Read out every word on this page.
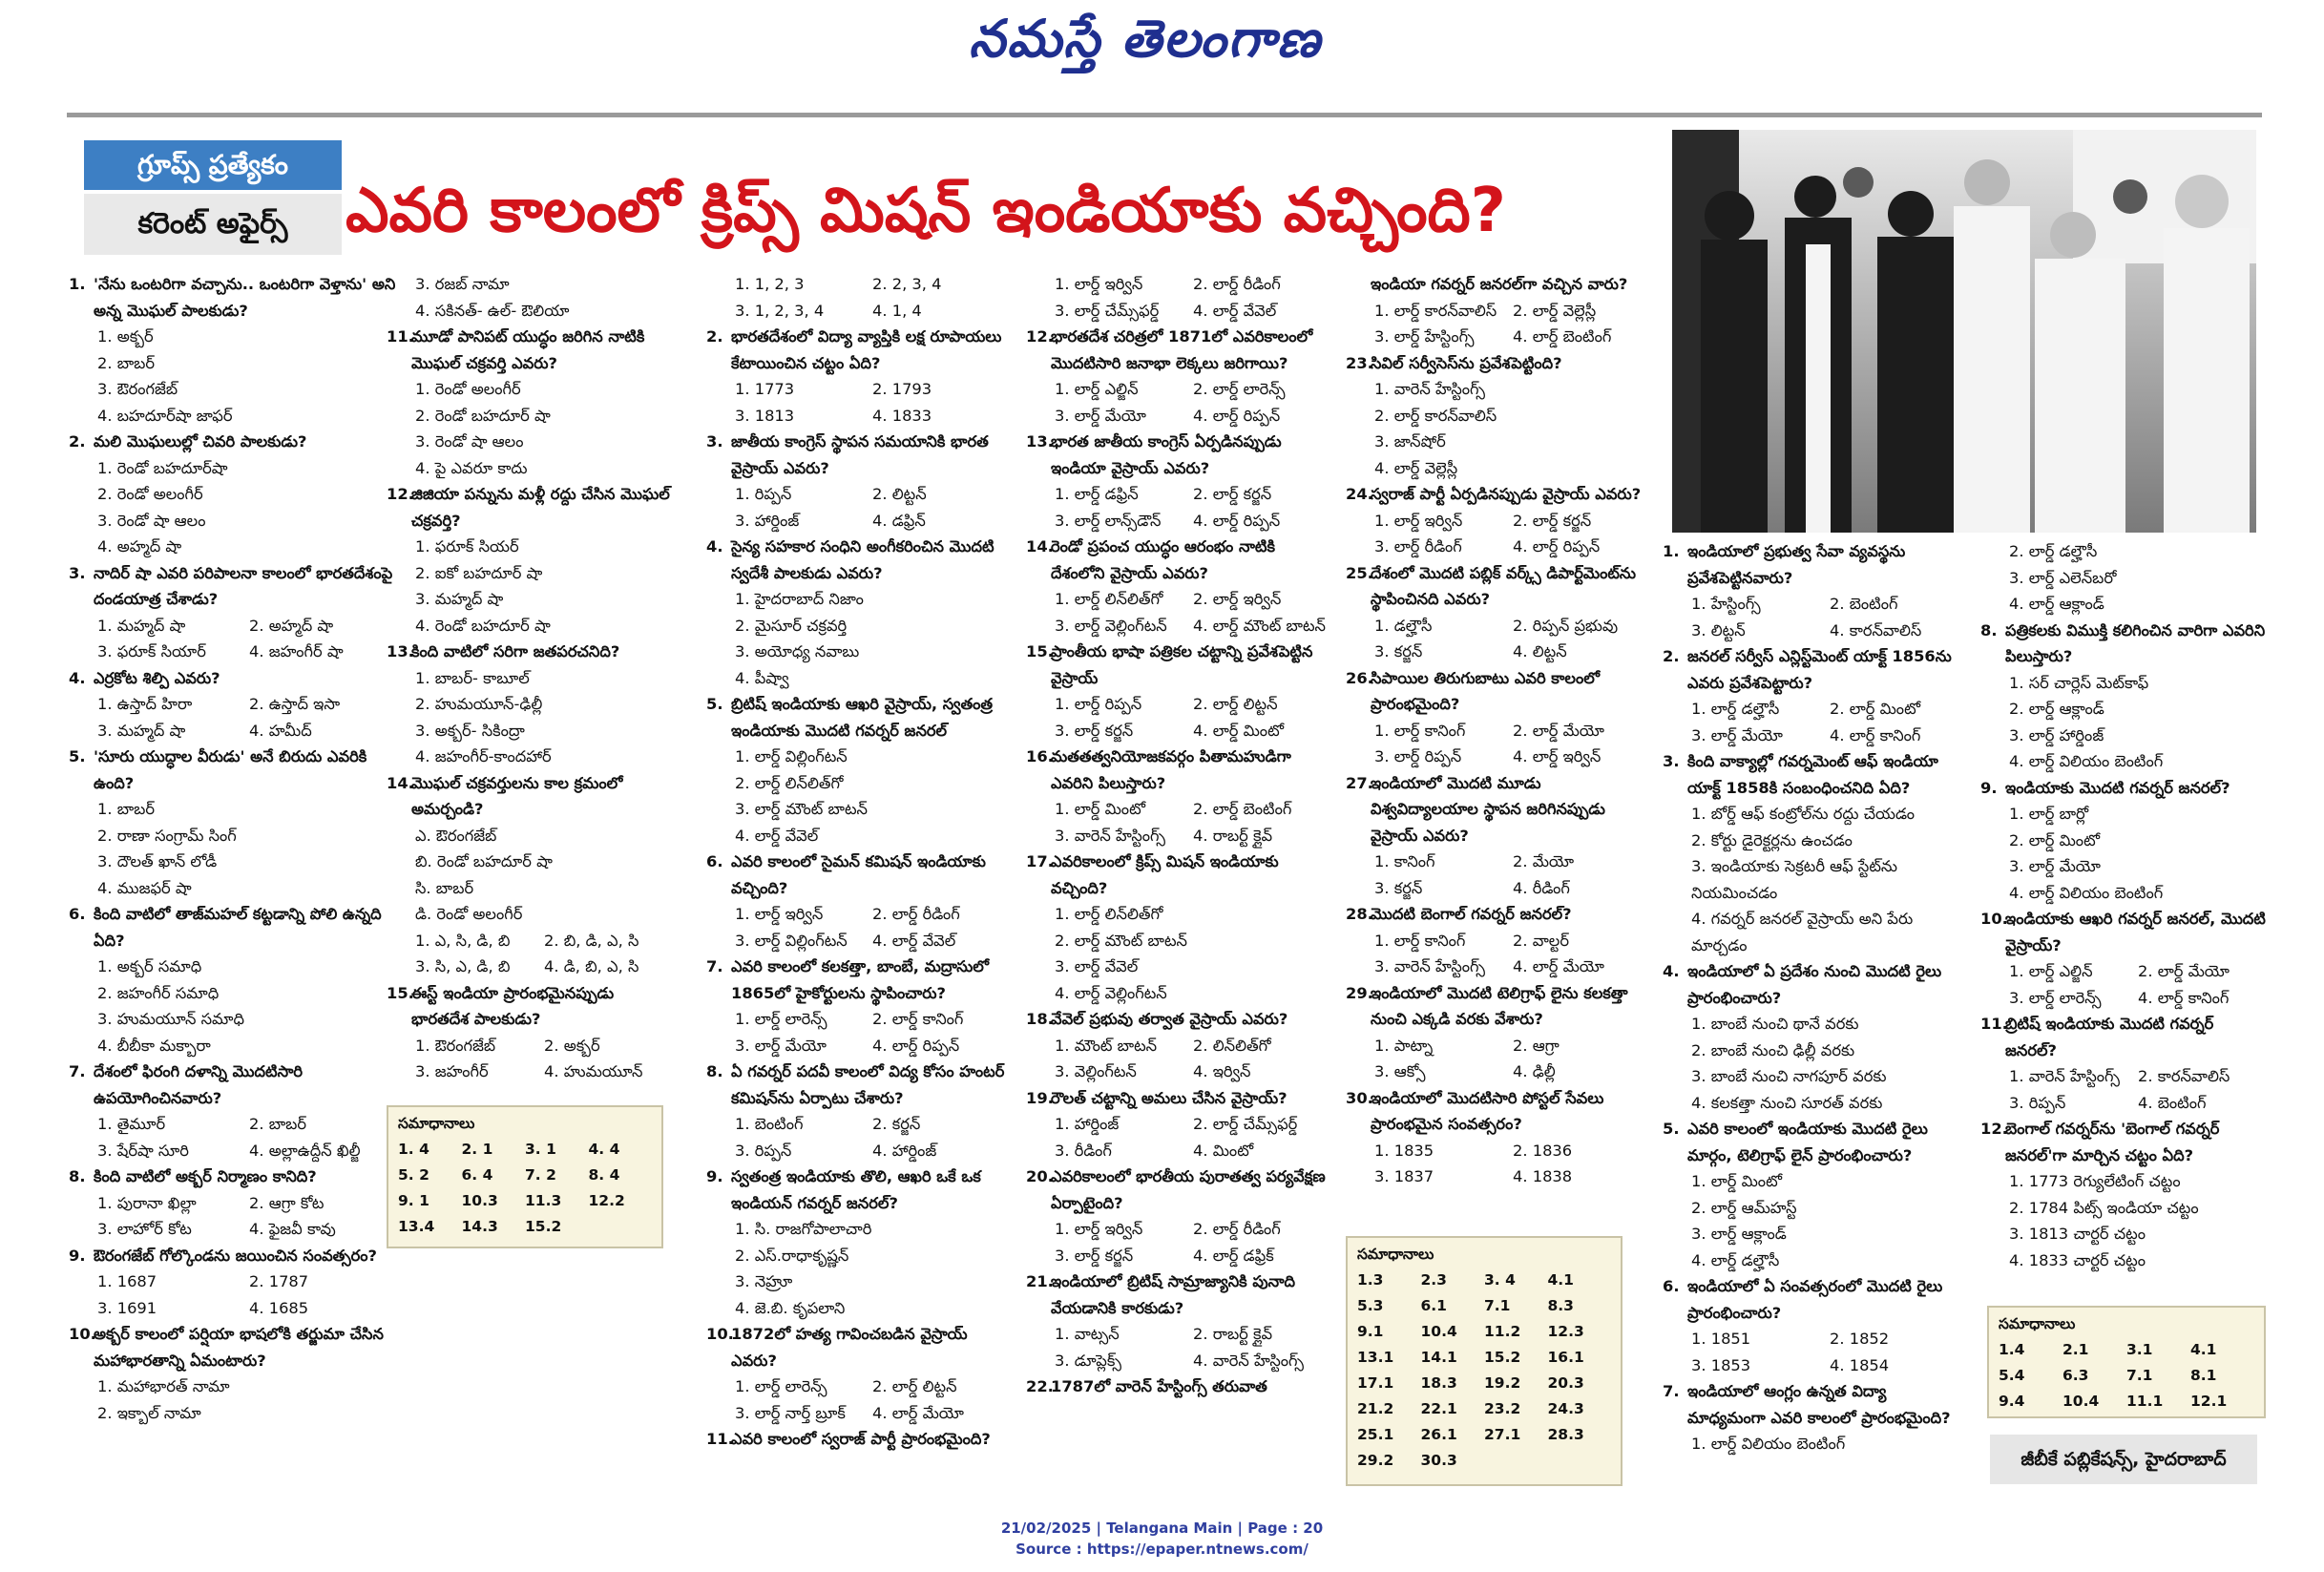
నమస్తే తెలంగాణ
గ్రూప్స్ ప్రత్యేకం
కరెంట్ అఫైర్స్ ఎవరి కాలంలో క్రిప్స్ మిషన్ ఇండియాకు వచ్చింది?
1. 'నేను ఒంటరిగా వచ్చాను.. ఒంటరిగా వెళ్తాను' అని అన్న మొఘల్ పాలకుడు?
1. అక్బర్
2. బాబర్
3. ఔరంగజేబ్
4. బహదూర్‌షా జాఫర్
2. మలి మొఘలుల్లో చివరి పాలకుడు?
1. రెండో బహదూర్‌షా
2. రెండో అలంగీర్
3. రెండో షా ఆలం
4. అహ్మద్ షా
3. నాదిర్ షా ఎవరి పరిపాలనా కాలంలో భారతదేశంపై దండయాత్ర చేశాడు?
1. మహ్మద్ షా	2. అహ్మద్ షా
3. ఫరూక్ సియార్	4. జహంగీర్ షా
4. ఎర్రకోట శిల్పి ఎవరు?
1. ఉస్తాద్ హిరా	2. ఉస్తాద్ ఇసా
3. మహ్మద్ షా	4. హమీద్
5. 'సూరు యుద్ధాల వీరుడు' అనే బిరుదు ఎవరికి ఉంది?
1. బాబర్
2. రాణా సంగ్రామ్ సింగ్
3. దౌలత్ ఖాన్ లోడీ
4. ముజఫర్ షా
6. కింది వాటిలో తాజ్‌మహల్ కట్టడాన్ని పోలి ఉన్నది ఏది?
1. అక్బర్ సమాధి
2. జహంగీర్ సమాధి
3. హుమయూన్ సమాధి
4. బీబీకా మక్బారా
7. దేశంలో ఫిరంగి దళాన్ని మొదటిసారి ఉపయోగించినవారు?
1. తైమూర్	2. బాబర్
3. షేర్‌షా సూరి	4. అల్లాఉద్దీన్ ఖిల్జీ
8. కింది వాటిలో అక్బర్ నిర్మాణం కానిది?
1. పురానా ఖిల్లా	2. ఆగ్రా కోట
3. లాహోర్ కోట	4. ఫైజవీ కావు
9. ఔరంగజేబ్ గోల్కొండను జయించిన సంవత్సరం?
1. 1687	2. 1787
3. 1691	4. 1685
10.అక్బర్ కాలంలో పర్షియా భాషలోకి తర్జుమా చేసిన మహాభారతాన్ని ఏమంటారు?
1. మహాభారత్ నామా
2. ఇక్బాల్ నామా
3. రజబ్ నామా
4. సకినత్- ఉల్- ఔలియా
11.మూడో పానిపట్ యుద్ధం జరిగిన నాటికి మొఘల్ చక్రవర్తి ఎవరు?
1. రెండో అలంగీర్
2. రెండో బహదూర్ షా
3. రెండో షా ఆలం
4. పై ఎవరూ కాదు
12.జిజియా పన్నును మళ్లీ రద్దు చేసిన మొఘల్ చక్రవర్తి?
1. ఫరూక్ సియర్
2. ఐకో బహదూర్ షా
3. మహ్మద్ షా
4. రెండో బహదూర్ షా
13.కింది వాటిలో సరిగా జతపరచనిది?
1. బాబర్- కాబూల్
2. హుమయూన్-ఢిల్లీ
3. అక్బర్- సికింద్రా
4. జహంగీర్-కాందహార్
14.మొఘల్ చక్రవర్తులను కాల క్రమంలో అమర్చండి?
ఎ. ఔరంగజేబ్
బి. రెండో బహదూర్ షా
సి. బాబర్
డి. రెండో అలంగీర్
1. ఎ, సి, డి, బి	2. బి, డి, ఎ, సి
3. సి, ఎ, డి, బి	4. డి, బి, ఎ, సి
15.ఈస్ట్ ఇండియా ప్రారంభమైనప్పుడు భారతదేశ పాలకుడు?
1. ఔరంగజేబ్	2. అక్బర్
3. జహంగీర్	4. హుమయూన్
1. 1, 2, 3	2. 2, 3, 4
3. 1, 2, 3, 4	4. 1, 4
2. భారతదేశంలో విద్యా వ్యాప్తికి లక్ష రూపాయలు కేటాయించిన చట్టం ఏది?
1. 1773	2. 1793
3. 1813	4. 1833
3. జాతీయ కాంగ్రెస్ స్థాపన సమయానికి భారత వైస్రాయ్ ఎవరు?
1. రిప్పన్	2. లిట్టన్
3. హార్డింజ్	4. డఫ్రిన్
4. సైన్య సహకార సంధిని అంగీకరించిన మొదటి స్వదేశీ పాలకుడు ఎవరు?
1. హైదరాబాద్ నిజాం
2. మైసూర్ చక్రవర్తి
3. అయోధ్య నవాబు
4. పీష్వా
5. బ్రిటిష్ ఇండియాకు ఆఖరి వైస్రాయ్, స్వతంత్ర ఇండియాకు మొదటి గవర్నర్ జనరల్
1. లార్డ్ విల్లింగ్‌టన్
2. లార్డ్ లిన్‌లిత్‌గో
3. లార్డ్ మౌంట్ బాటన్
4. లార్డ్ వేవెల్
6. ఎవరి కాలంలో సైమన్ కమిషన్ ఇండియాకు వచ్చింది?
1. లార్డ్ ఇర్విన్	2. లార్డ్ రీడింగ్
3. లార్డ్ విల్లింగ్‌టన్	4. లార్డ్ వేవెల్
7. ఎవరి కాలంలో కలకత్తా, బాంబే, మద్రాసులో 1865లో హైకోర్టులను స్థాపించారు?
1. లార్డ్ లారెన్స్	2. లార్డ్ కానింగ్
3. లార్డ్ మేయో	4. లార్డ్ రిప్పన్
8. ఏ గవర్నర్ పదవీ కాలంలో విద్య కోసం హంటర్ కమిషన్‌ను ఏర్పాటు చేశారు?
1. బెంటింగ్	2. కర్జన్
3. రిప్పన్	4. హార్డింజ్
9. స్వతంత్ర ఇండియాకు తొలి, ఆఖరి ఒకే ఒక ఇండియన్ గవర్నర్ జనరల్?
1. సి. రాజగోపాలాచారి
2. ఎస్.రాధాకృష్ణన్
3. నెహ్రూ
4. జె.బి. కృపలాని
10.1872లో హత్య గావించబడిన వైస్రాయ్ ఎవరు?
1. లార్డ్ లారెన్స్	2. లార్డ్ లిట్టన్
3. లార్డ్ నార్త్ బ్రూక్	4. లార్డ్ మేయో
11.ఎవరి కాలంలో స్వరాజ్ పార్టీ ప్రారంభమైంది?
1. లార్డ్ ఇర్విన్	2. లార్డ్ రీడింగ్
3. లార్డ్ చేమ్స్‌ఫర్డ్	4. లార్డ్ వేవెల్
12.భారతదేశ చరిత్రలో 1871లో ఎవరికాలంలో మొదటిసారి జనాభా లెక్కలు జరిగాయి?
1. లార్డ్ ఎల్జిన్	2. లార్డ్ లారెన్స్
3. లార్డ్ మేయో	4. లార్డ్ రిప్పన్
13.భారత జాతీయ కాంగ్రెస్ ఏర్పడినప్పుడు ఇండియా వైస్రాయ్ ఎవరు?
1. లార్డ్ డఫ్రిన్	2. లార్డ్ కర్జన్
3. లార్డ్ లాన్స్‌డౌన్	4. లార్డ్ రిప్పన్
14.రెండో ప్రపంచ యుద్ధం ఆరంభం నాటికి దేశంలోని వైస్రాయ్ ఎవరు?
1. లార్డ్ లిన్‌లిత్‌గో	2. లార్డ్ ఇర్విన్
3. లార్డ్ వెల్లింగ్‌టన్	4. లార్డ్ మౌంట్ బాటన్
15.ప్రాంతీయ భాషా పత్రికల చట్టాన్ని ప్రవేశపెట్టిన వైస్రాయ్
1. లార్డ్ రిప్పన్	2. లార్డ్ లిట్టన్
3. లార్డ్ కర్జన్	4. లార్డ్ మింటో
16.మతతత్వనియోజకవర్గం పితామహుడిగా ఎవరిని పిలుస్తారు?
1. లార్డ్ మింటో	2. లార్డ్ బెంటింగ్
3. వారెన్ హేస్టింగ్స్	4. రాబర్ట్ క్లైవ్
17.ఎవరికాలంలో క్రిప్స్ మిషన్ ఇండియాకు వచ్చింది?
1. లార్డ్ లిన్‌లిత్‌గో
2. లార్డ్ మౌంట్ బాటన్
3. లార్డ్ వేవెల్
4. లార్డ్ వెల్లింగ్‌టన్
18.వేవెల్ ప్రభువు తర్వాత వైస్రాయ్ ఎవరు?
1. మౌంట్ బాటన్	2. లిన్‌లిత్‌గో
3. వెల్లింగ్‌టన్	4. ఇర్విన్
19.రౌలత్ చట్టాన్ని అమలు చేసిన వైస్రాయ్?
1. హార్డింజ్	2. లార్డ్ చేమ్స్‌ఫర్డ్
3. రీడింగ్	4. మింటో
20.ఎవరికాలంలో భారతీయ పురాతత్వ పర్యవేక్షణ ఏర్పాటైంది?
1. లార్డ్ ఇర్విన్	2. లార్డ్ రీడింగ్
3. లార్డ్ కర్జన్	4. లార్డ్ డఫ్రిక్
21.ఇండియాలో బ్రిటిష్ సామ్రాజ్యానికి పునాది వేయడానికి కారకుడు?
1. వాట్సన్	2. రాబర్ట్ క్లైవ్
3. డూప్లెక్స్	4. వారెన్ హేస్టింగ్స్
22.1787లో వారెన్ హేస్టింగ్స్ తరువాత
ఇండియా గవర్నర్ జనరల్‌గా వచ్చిన వారు?
1. లార్డ్ కారన్‌వాలిస్	2. లార్డ్ వెల్లెస్లీ
3. లార్డ్ హేస్టింగ్స్	4. లార్డ్ బెంటింగ్
23.సివిల్ సర్వీసెస్‌ను ప్రవేశపెట్టింది?
1. వారెన్ హేస్టింగ్స్
2. లార్డ్ కారన్‌వాలిస్
3. జాన్‌షోర్
4. లార్డ్ వెల్లెస్లీ
24.స్వరాజ్ పార్టీ ఏర్పడినప్పుడు వైస్రాయ్ ఎవరు?
1. లార్డ్ ఇర్విన్	2. లార్డ్ కర్జన్
3. లార్డ్ రీడింగ్	4. లార్డ్ రిప్పన్
25.దేశంలో మొదటి పబ్లిక్ వర్క్స్ డిపార్ట్‌మెంట్‌ను స్థాపించినది ఎవరు?
1. డల్హౌసీ	2. రిప్పన్ ప్రభువు
3. కర్జన్	4. లిట్టన్
26.సిపాయిల తిరుగుబాటు ఎవరి కాలంలో ప్రారంభమైంది?
1. లార్డ్ కానింగ్	2. లార్డ్ మేయో
3. లార్డ్ రిప్పన్	4. లార్డ్ ఇర్విన్
27.ఇండియాలో మొదటి మూడు విశ్వవిద్యాలయాల స్థాపన జరిగినప్పుడు వైస్రాయ్ ఎవరు?
1. కానింగ్	2. మేయో
3. కర్జన్	4. రీడింగ్
28.మొదటి బెంగాల్ గవర్నర్ జనరల్?
1. లార్డ్ కానింగ్	2. వాల్టర్
3. వారెన్ హేస్టింగ్స్	4. లార్డ్ మేయో
29.ఇండియాలో మొదటి టెలిగ్రాఫ్ లైను కలకత్తా నుంచి ఎక్కడి వరకు వేశారు?
1. పాట్నా	2. ఆగ్రా
3. ఆక్సో	4. ఢిల్లీ
30.ఇండియాలో మొదటిసారి పోస్టల్ సేవలు ప్రారంభమైన సంవత్సరం?
1. 1835	2. 1836
3. 1837	4. 1838
1. ఇండియాలో ప్రభుత్వ సేవా వ్యవస్థను ప్రవేశపెట్టినవారు?
1. హేస్టింగ్స్	2. బెంటింగ్
3. లిట్టన్	4. కారన్‌వాలిస్
2. జనరల్ సర్వీస్ ఎన్లిస్ట్‌మెంట్ యాక్ట్ 1856ను ఎవరు ప్రవేశపెట్టారు?
1. లార్డ్ డల్హౌసీ	2. లార్డ్ మింటో
3. లార్డ్ మేయో	4. లార్డ్ కానింగ్
3. కింది వాక్యాల్లో గవర్నమెంట్ ఆఫ్ ఇండియా యాక్ట్ 1858కి సంబంధించనిది ఏది?
1. బోర్డ్ ఆఫ్ కంట్రోల్‌ను రద్దు చేయడం
2. కోర్టు డైరెక్టర్లను ఉంచడం
3. ఇండియాకు సెక్రటరీ ఆఫ్ స్టేట్‌ను నియమించడం
4. గవర్నర్ జనరల్ వైస్రాయ్ అని పేరు మార్చడం
4. ఇండియాలో ఏ ప్రదేశం నుంచి మొదటి రైలు ప్రారంభించారు?
1. బాంబే నుంచి థానే వరకు
2. బాంబే నుంచి ఢిల్లీ వరకు
3. బాంబే నుంచి నాగపూర్ వరకు
4. కలకత్తా నుంచి సూరత్ వరకు
5. ఎవరి కాలంలో ఇండియాకు మొదటి రైలు మార్గం, టెలిగ్రాఫ్ లైన్ ప్రారంభించారు?
1. లార్డ్ మింటో
2. లార్డ్ ఆమ్‌హస్ట్
3. లార్డ్ ఆక్లాండ్
4. లార్డ్ డల్హౌసీ
6. ఇండియాలో ఏ సంవత్సరంలో మొదటి రైలు ప్రారంభించారు?
1. 1851	2. 1852
3. 1853	4. 1854
7. ఇండియాలో ఆంగ్లం ఉన్నత విద్యా మాధ్యమంగా ఎవరి కాలంలో ప్రారంభమైంది?
1. లార్డ్ విలియం బెంటింగ్
2. లార్డ్ డల్హౌసీ
3. లార్డ్ ఎలెన్‌బరో
4. లార్డ్ ఆక్లాండ్
8. పత్రికలకు విముక్తి కలిగించిన వారిగా ఎవరిని పిలుస్తారు?
1. సర్ చార్లెస్ మెట్‌కాఫ్
2. లార్డ్ ఆక్లాండ్
3. లార్డ్ హార్డింజ్
4. లార్డ్ విలియం బెంటింగ్
9. ఇండియాకు మొదటి గవర్నర్ జనరల్?
1. లార్డ్ బార్లో
2. లార్డ్ మింటో
3. లార్డ్ మేయో
4. లార్డ్ విలియం బెంటింగ్
10.ఇండియాకు ఆఖరి గవర్నర్ జనరల్, మొదటి వైస్రాయ్?
1. లార్డ్ ఎల్జిన్	2. లార్డ్ మేయో
3. లార్డ్ లారెన్స్	4. లార్డ్ కానింగ్
11.బ్రిటిష్ ఇండియాకు మొదటి గవర్నర్ జనరల్?
1. వారెన్ హేస్టింగ్స్	2. కారన్‌వాలిస్
3. రిప్పన్	4. బెంటింగ్
12.బెంగాల్ గవర్నర్‌ను 'బెంగాల్ గవర్నర్ జనరల్'గా మార్చిన చట్టం ఏది?
1. 1773 రెగ్యులేటింగ్ చట్టం
2. 1784 పిట్స్ ఇండియా చట్టం
3. 1813 చార్టర్ చట్టం
4. 1833 చార్టర్ చట్టం
సమాధానాలు
1. 4	2. 1	3. 1	4. 4
5. 2	6. 4	7. 2	8. 4
9. 1	10.3	11.3	12.2
13.4	14.3	15.2
సమాధానాలు
1.3	2.3	3. 4	4.1
5.3	6.1	7.1	8.3
9.1	10.4	11.2	12.3
13.1	14.1	15.2	16.1
17.1	18.3	19.2	20.3
21.2	22.1	23.2	24.3
25.1	26.1	27.1	28.3
29.2	30.3
సమాధానాలు
1.4	2.1	3.1	4.1
5.4	6.3	7.1	8.1
9.4	10.4	11.1	12.1
జీబీకే పబ్లికేషన్స్, హైదరాబాద్
21/02/2025 | Telangana Main | Page : 20
Source : https://epaper.ntnews.com/
